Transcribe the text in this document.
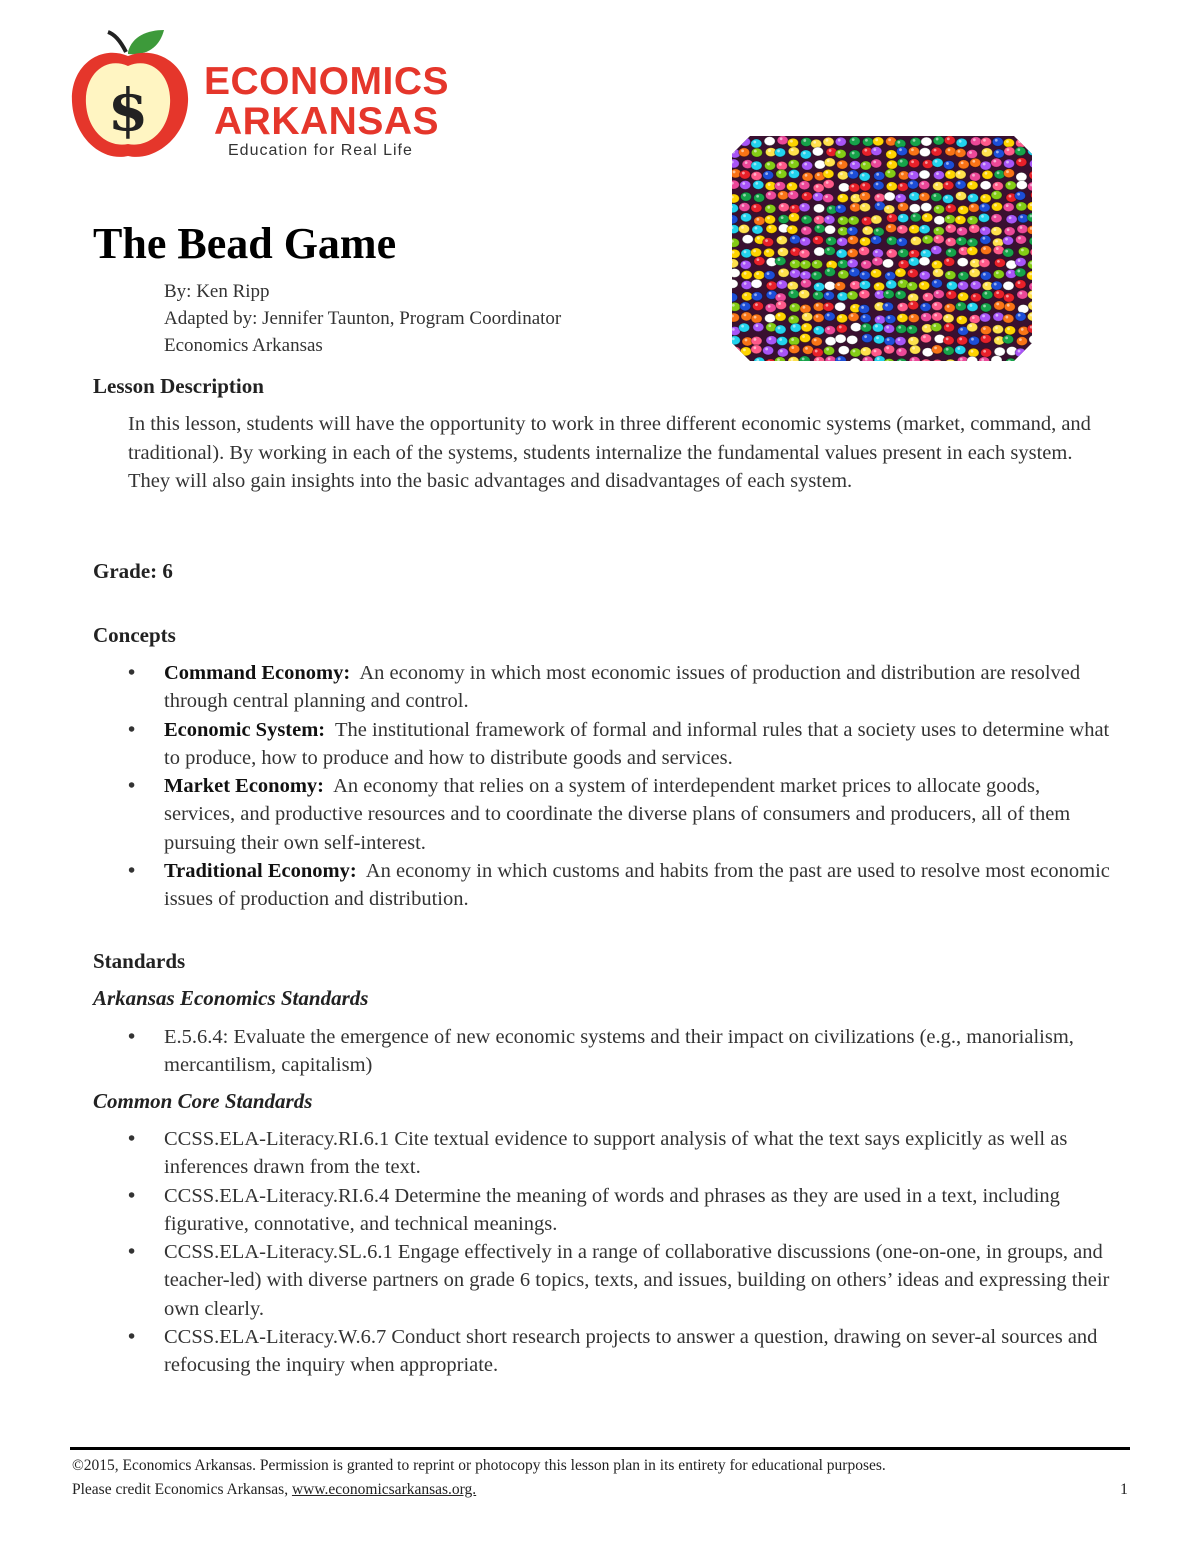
$ ECONOMICS
ARKANSAS
Education for Real Life
The Bead Game
By: Ken Ripp
Adapted by: Jennifer Taunton, Program Coordinator
Economics Arkansas
Lesson Description

In this lesson, students will have the opportunity to work in three different economic systems (market, command, and traditional). By working in each of the systems, students internalize the fundamental values present in each system. They will also gain insights into the basic advantages and disadvantages of each system.

Grade: 6
Concepts
• Command Economy: An economy in which most economic issues of production and distribution are resolved through central planning and control.
• Economic System: The institutional framework of formal and informal rules that a society uses to determine what to produce, how to produce and how to distribute goods and services.
• Market Economy: An economy that relies on a system of interdependent market prices to allocate goods, services, and productive resources and to coordinate the diverse plans of consumers and producers, all of them pursuing their own self-interest.
• Traditional Economy: An economy in which customs and habits from the past are used to resolve most economic issues of production and distribution.
Standards
Arkansas Economics Standards
• E.5.6.4: Evaluate the emergence of new economic systems and their impact on civilizations (e.g., manorialism, mercantilism, capitalism)
Common Core Standards
• CCSS.ELA-Literacy.RI.6.1 Cite textual evidence to support analysis of what the text says explicitly as well as inferences drawn from the text.
• CCSS.ELA-Literacy.RI.6.4 Determine the meaning of words and phrases as they are used in a text, including figurative, connotative, and technical meanings.
• CCSS.ELA-Literacy.SL.6.1 Engage effectively in a range of collaborative discussions (one-on-one, in groups, and teacher-led) with diverse partners on grade 6 topics, texts, and issues, building on others’ ideas and expressing their own clearly.
• CCSS.ELA-Literacy.W.6.7 Conduct short research projects to answer a question, drawing on sever-al sources and refocusing the inquiry when appropriate.
©2015, Economics Arkansas. Permission is granted to reprint or photocopy this lesson plan in its entirety for educational purposes.
Please credit Economics Arkansas, www.economicsarkansas.org.	1
